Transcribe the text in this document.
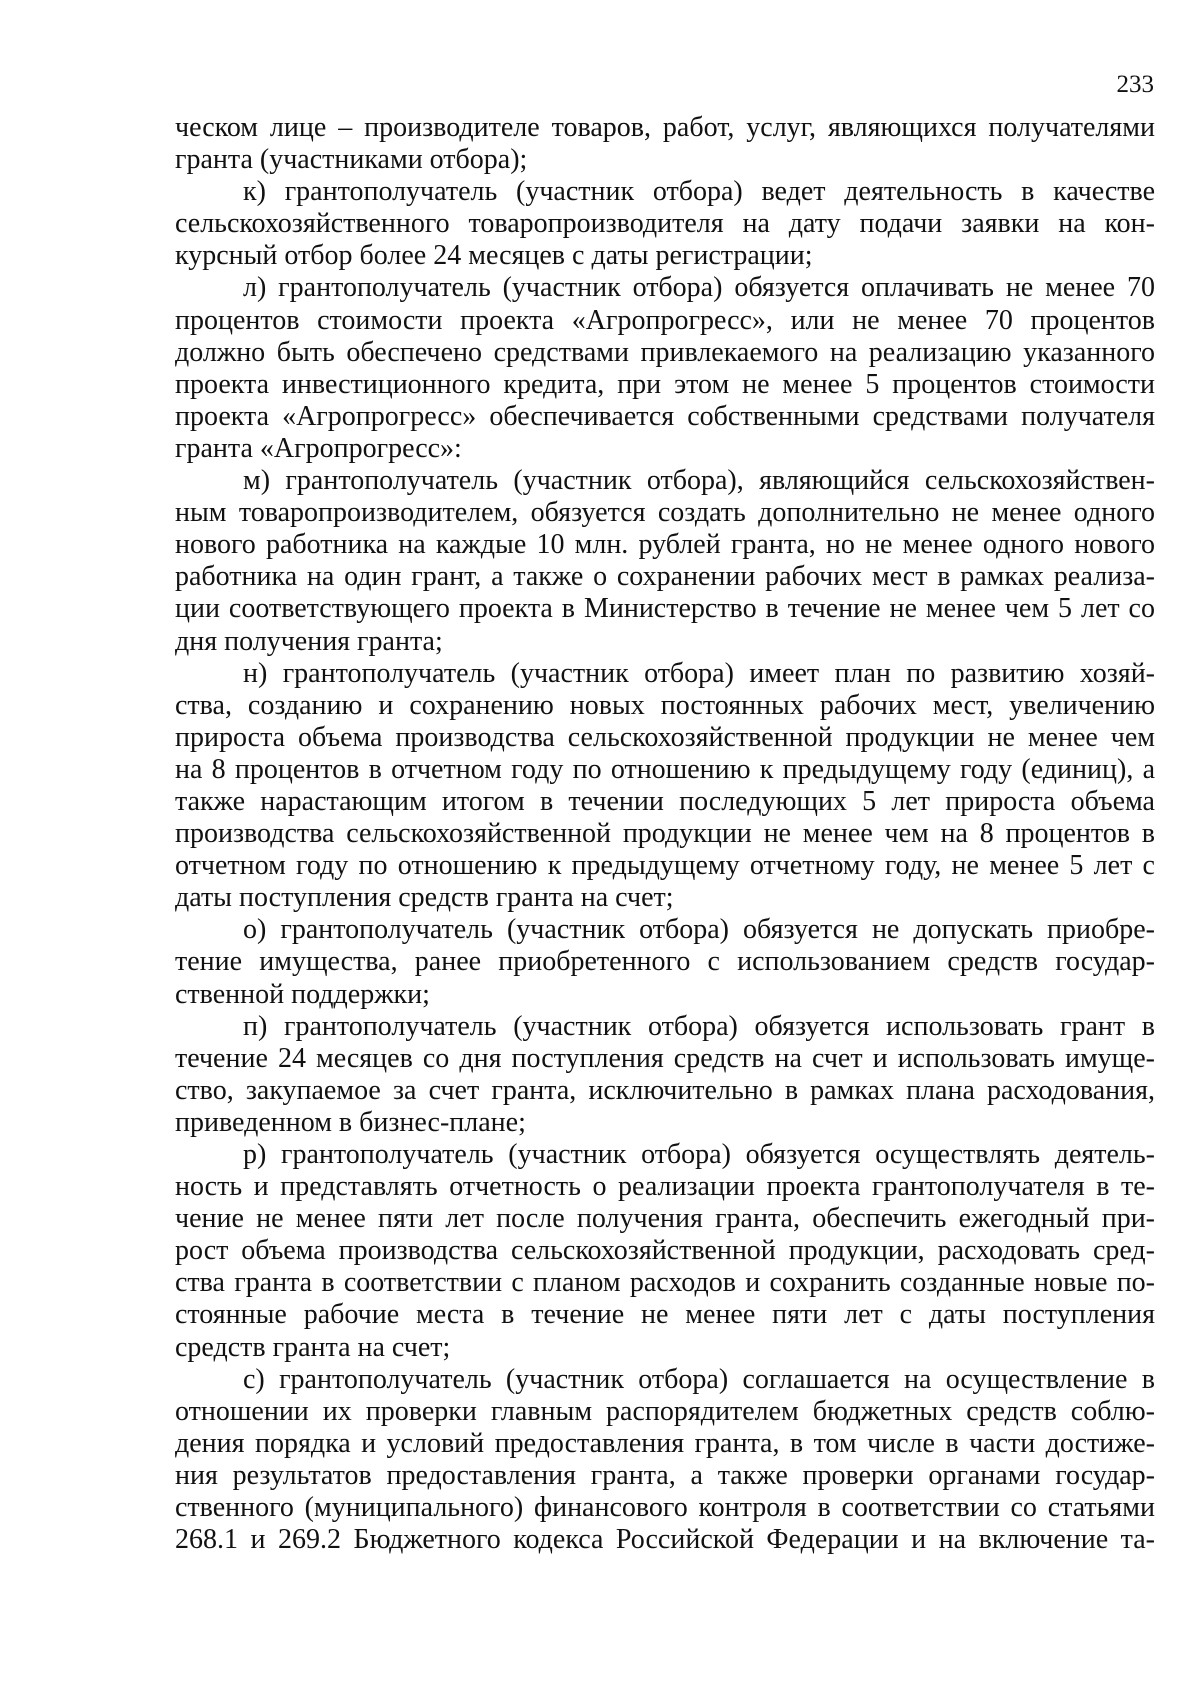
233
ческом лице – производителе товаров, работ, услуг, являющихся получателями
гранта (участниками отбора);
к) грантополучатель (участник отбора) ведет деятельность в качестве
сельскохозяйственного товаропроизводителя на дату подачи заявки на кон-
курсный отбор более 24 месяцев с даты регистрации;
л) грантополучатель (участник отбора) обязуется оплачивать не менее 70
процентов стоимости проекта «Агропрогресс», или не менее 70 процентов
должно быть обеспечено средствами привлекаемого на реализацию указанного
проекта инвестиционного кредита, при этом не менее 5 процентов стоимости
проекта «Агропрогресс» обеспечивается собственными средствами получателя
гранта «Агропрогресс»:
м) грантополучатель (участник отбора), являющийся сельскохозяйствен-
ным товаропроизводителем, обязуется создать дополнительно не менее одного
нового работника на каждые 10 млн. рублей гранта, но не менее одного нового
работника на один грант, а также о сохранении рабочих мест в рамках реализа-
ции соответствующего проекта в Министерство в течение не менее чем 5 лет со
дня получения гранта;
н) грантополучатель (участник отбора) имеет план по развитию хозяй-
ства, созданию и сохранению новых постоянных рабочих мест, увеличению
прироста объема производства сельскохозяйственной продукции не менее чем
на 8 процентов в отчетном году по отношению к предыдущему году (единиц), а
также нарастающим итогом в течении последующих 5 лет прироста объема
производства сельскохозяйственной продукции не менее чем на 8 процентов в
отчетном году по отношению к предыдущему отчетному году, не менее 5 лет с
даты поступления средств гранта на счет;
о) грантополучатель (участник отбора) обязуется не допускать приобре-
тение имущества, ранее приобретенного с использованием средств государ-
ственной поддержки;
п) грантополучатель (участник отбора) обязуется использовать грант в
течение 24 месяцев со дня поступления средств на счет и использовать имуще-
ство, закупаемое за счет гранта, исключительно в рамках плана расходования,
приведенном в бизнес-плане;
р) грантополучатель (участник отбора) обязуется осуществлять деятель-
ность и представлять отчетность о реализации проекта грантополучателя в те-
чение не менее пяти лет после получения гранта, обеспечить ежегодный при-
рост объема производства сельскохозяйственной продукции, расходовать сред-
ства гранта в соответствии с планом расходов и сохранить созданные новые по-
стоянные рабочие места в течение не менее пяти лет с даты поступления
средств гранта на счет;
с) грантополучатель (участник отбора) соглашается на осуществление в
отношении их проверки главным распорядителем бюджетных средств соблю-
дения порядка и условий предоставления гранта, в том числе в части достиже-
ния результатов предоставления гранта, а также проверки органами государ-
ственного (муниципального) финансового контроля в соответствии со статьями
268.1 и 269.2 Бюджетного кодекса Российской Федерации и на включение та-
